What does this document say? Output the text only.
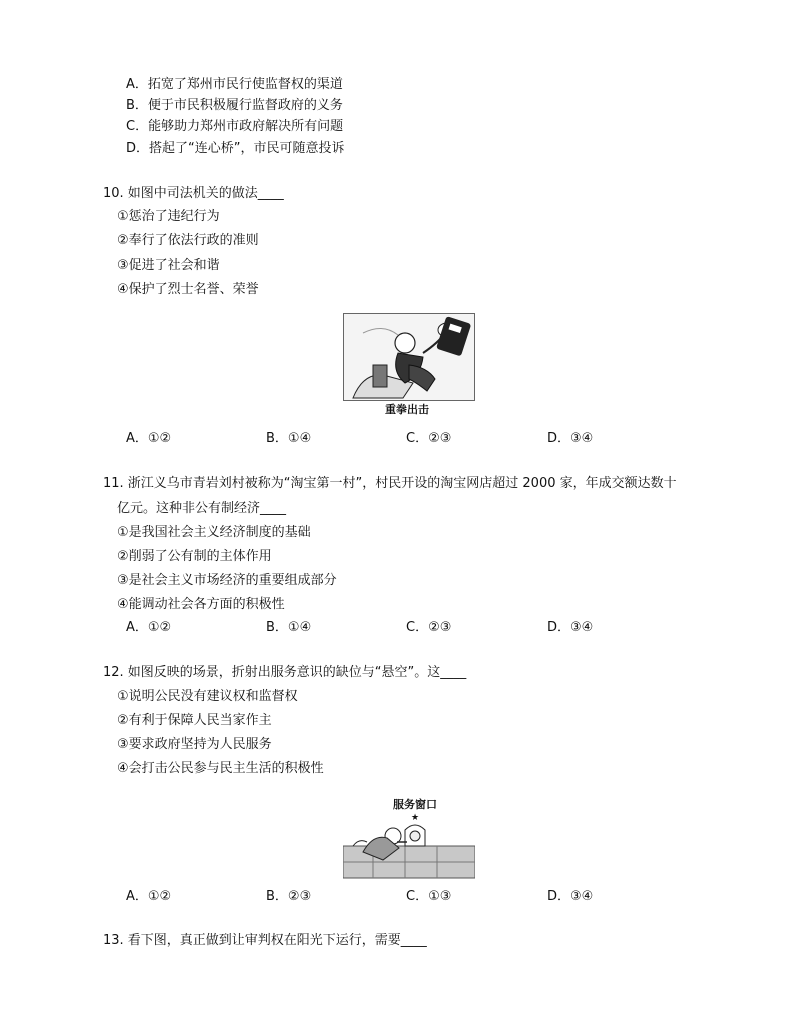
A．拓宽了郑州市民行使监督权的渠道
B．便于市民积极履行监督政府的义务
C．能够助力郑州市政府解决所有问题
D．搭起了“连心桥”，市民可随意投诉
10. 如图中司法机关的做法____
①惩治了违纪行为
②奉行了依法行政的准则
③促进了社会和谐
④保护了烈士名誉、荣誉
重拳出击
A．①②	B．①④	C．②③	D．③④
11. 浙江义乌市青岩刘村被称为“淘宝第一村”，村民开设的淘宝网店超过 2000 家，年成交额达数十
亿元。这种非公有制经济____
①是我国社会主义经济制度的基础
②削弱了公有制的主体作用
③是社会主义市场经济的重要组成部分
④能调动社会各方面的积极性
A．①②	B．①④	C．②③	D．③④
12. 如图反映的场景，折射出服务意识的缺位与“悬空”。这____
①说明公民没有建议权和监督权
②有利于保障人民当家作主
③要求政府坚持为人民服务
④会打击公民参与民主生活的积极性
服务窗口
★
A．①②	B．②③	C．①③	D．③④
13. 看下图，真正做到让审判权在阳光下运行，需要____
